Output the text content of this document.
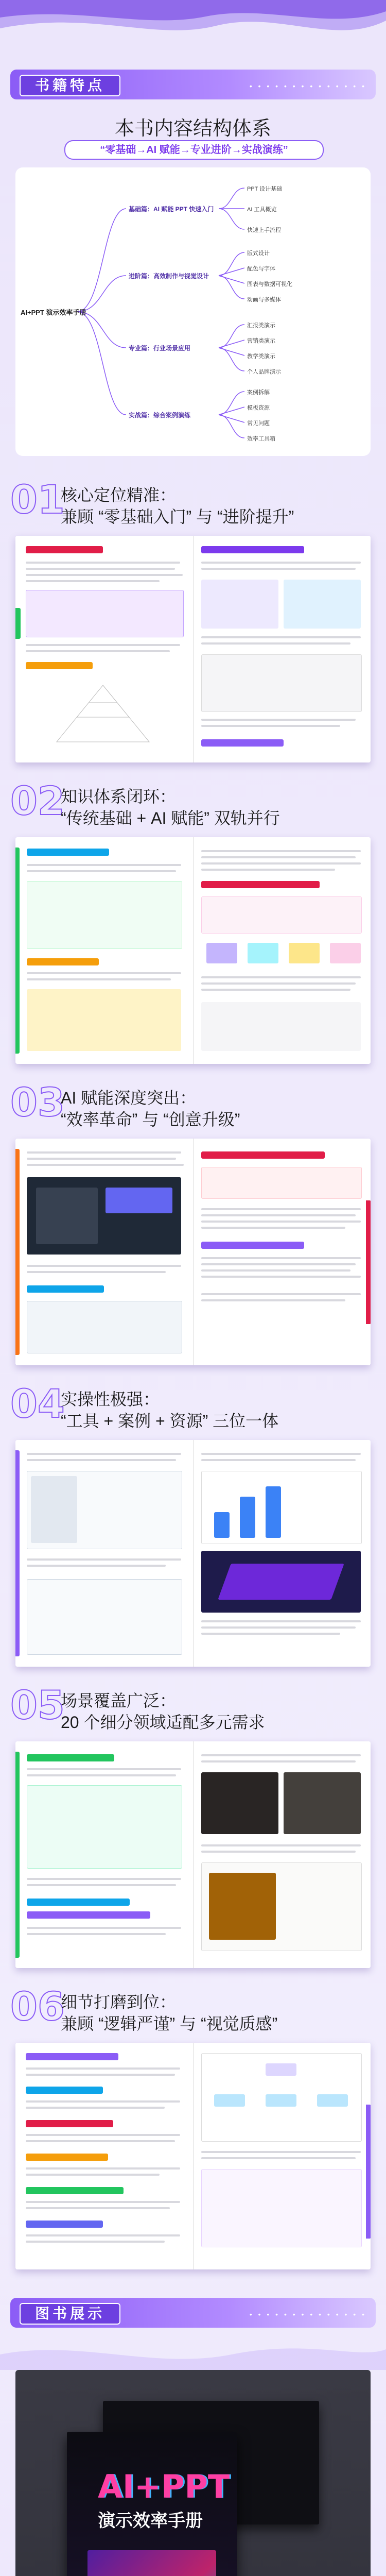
书籍特点	• • • • • • • • • • • • • •
本书内容结构体系
“零基础→AI 赋能→专业进阶→实战演练”
AI+PPT 演示效率手册
基础篇：AI 赋能 PPT 快速入门
PPT 设计基础
AI 工具概览
快速上手流程
进阶篇：高效制作与视觉设计
版式设计
配色与字体
图表与数据可视化
动画与多媒体
专业篇：行业场景应用
汇报类演示
营销类演示
教学类演示
个人品牌演示
实战篇：综合案例演练
案例拆解
模板资源
常见问题
效率工具箱
01
核心定位精准：
兼顾 “零基础入门” 与 “进阶提升”
02
知识体系闭环：
“传统基础 + AI 赋能” 双轨并行
03
AI 赋能深度突出：
“效率革命” 与 “创意升级”
04
实操性极强：
“工具 + 案例 + 资源” 三位一体
05
场景覆盖广泛：
20 个细分领域适配多元需求
06
细节打磨到位：
兼顾 “逻辑严谨” 与 “视觉质感”
图书展示	• • • • • • • • • • • • • •
AI+PPT
演示效率手册
